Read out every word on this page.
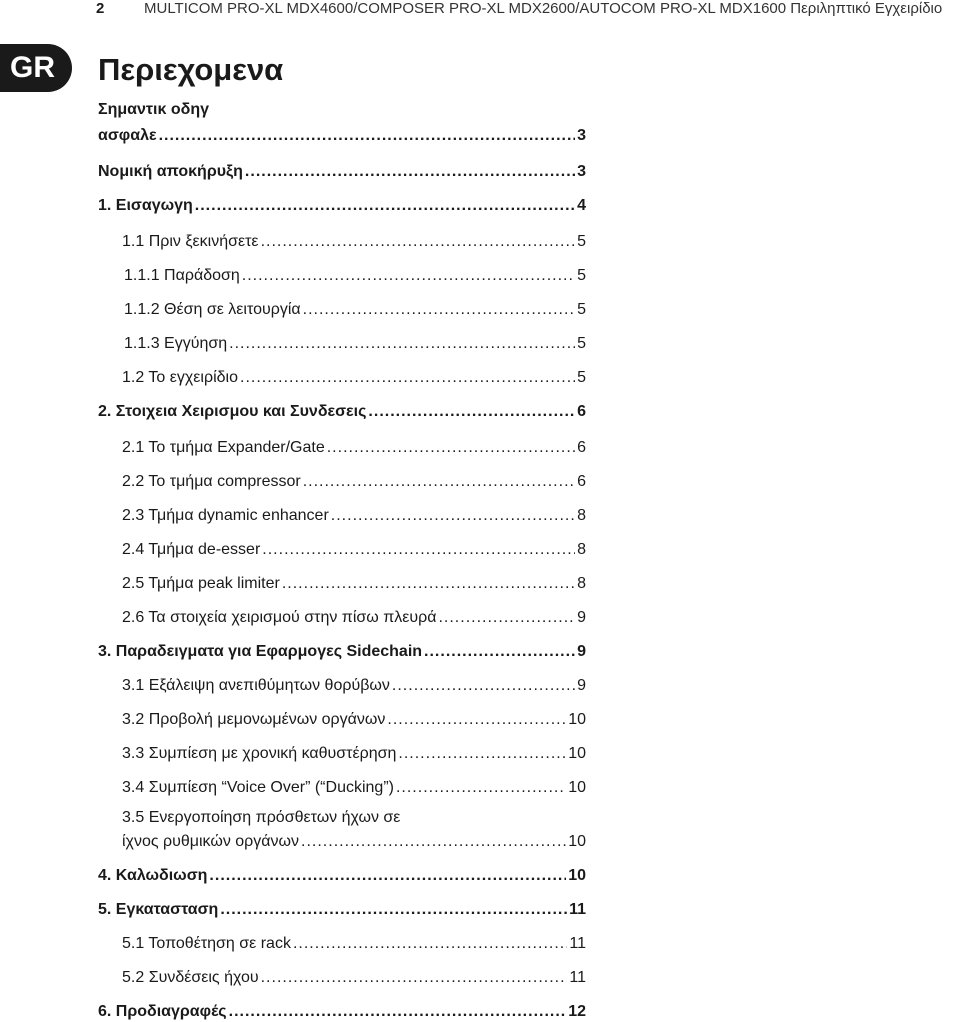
2	MULTICOM PRO-XL MDX4600/COMPOSER PRO-XL MDX2600/AUTOCOM PRO-XL MDX1600 Περιληπτικό Εγχειρίδιο
GR	Περιεχομενα
Σημαντικ οδηγ
ασφαλε .....	3
Νομική αποκήρυξη .....	3
1. Εισαγωγη .....	4
1.1 Πριν ξεκινήσετε .....	5
1.1.1 Παράδοση .....	5
1.1.2 Θέση σε λειτουργία .....	5
1.1.3 Εγγύηση .....	5
1.2 Το εγχειρίδιο .....	5
2. Στοιχεια Χειρισμου και Συνδεσεις .....	6
2.1 Το τμήμα Expander/Gate .....	6
2.2 Το τμήμα compressor .....	6
2.3 Τμήμα dynamic enhancer .....	8
2.4 Τμήμα de-esser .....	8
2.5 Τμήμα peak limiter .....	8
2.6 Τα στοιχεία χειρισμού στην πίσω πλευρά .....	9
3. Παραδειγματα για Εφαρμογες Sidechain .....	9
3.1 Εξάλειψη ανεπιθύμητων θορύβων .....	9
3.2 Προβολή μεμονωμένων οργάνων .....	10
3.3 Συμπίεση με χρονική καθυστέρηση .....	10
3.4 Συμπίεση “Voice Over” (“Ducking”) .....	10
3.5 Ενεργοποίηση πρόσθετων ήχων σε
ίχνος ρυθμικών οργάνων .....	10
4. Καλωδιωση .....	10
5. Εγκατασταση .....	11
5.1 Τοποθέτηση σε rack .....	11
5.2 Συνδέσεις ήχου .....	11
6. Προδιαγραφές .....	12
